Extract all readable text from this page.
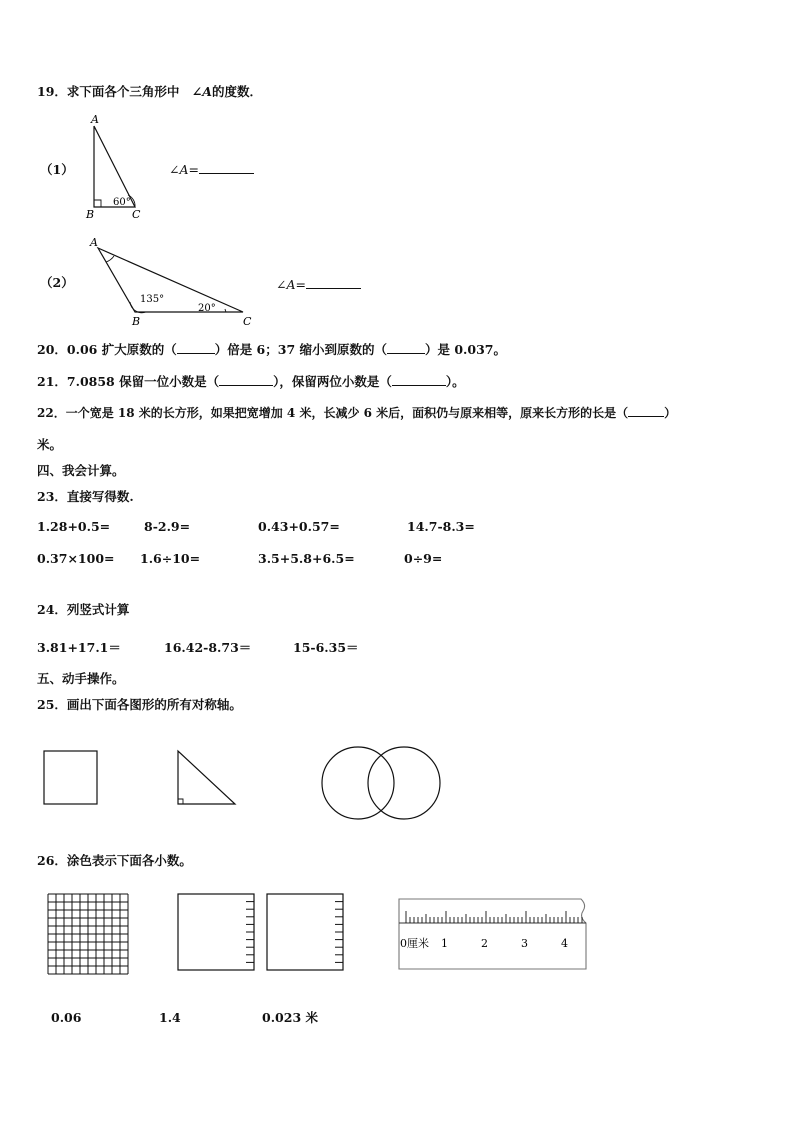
19．求下面各个三角形中 ∠A的度数．
（1）
A
B	C
60°
∠A=
（2）
A
B	C
135°
20°
∠A=
20．0.06 扩大原数的（	）倍是 6；37 缩小到原数的（	）是 0.037。
21．7.0858 保留一位小数是（	），保留两位小数是（	）。
22．一个宽是 18 米的长方形，如果把宽增加 4 米，长减少 6 米后，面积仍与原来相等，原来长方形的长是（	）
米。
四、我会计算。
23．直接写得数.
1.28+0.5=	8-2.9=	0.43+0.57=	14.7-8.3=
0.37×100= 1.6÷10=	3.5+5.8+6.5=	0÷9=
24．列竖式计算
3.81+17.1＝	16.42-8.73＝	15-6.35＝
五、动手操作。
25．画出下面各图形的所有对称轴。
26．涂色表示下面各小数。
0厘米 1	2	3	4
0.06	1.4	0.023 米
